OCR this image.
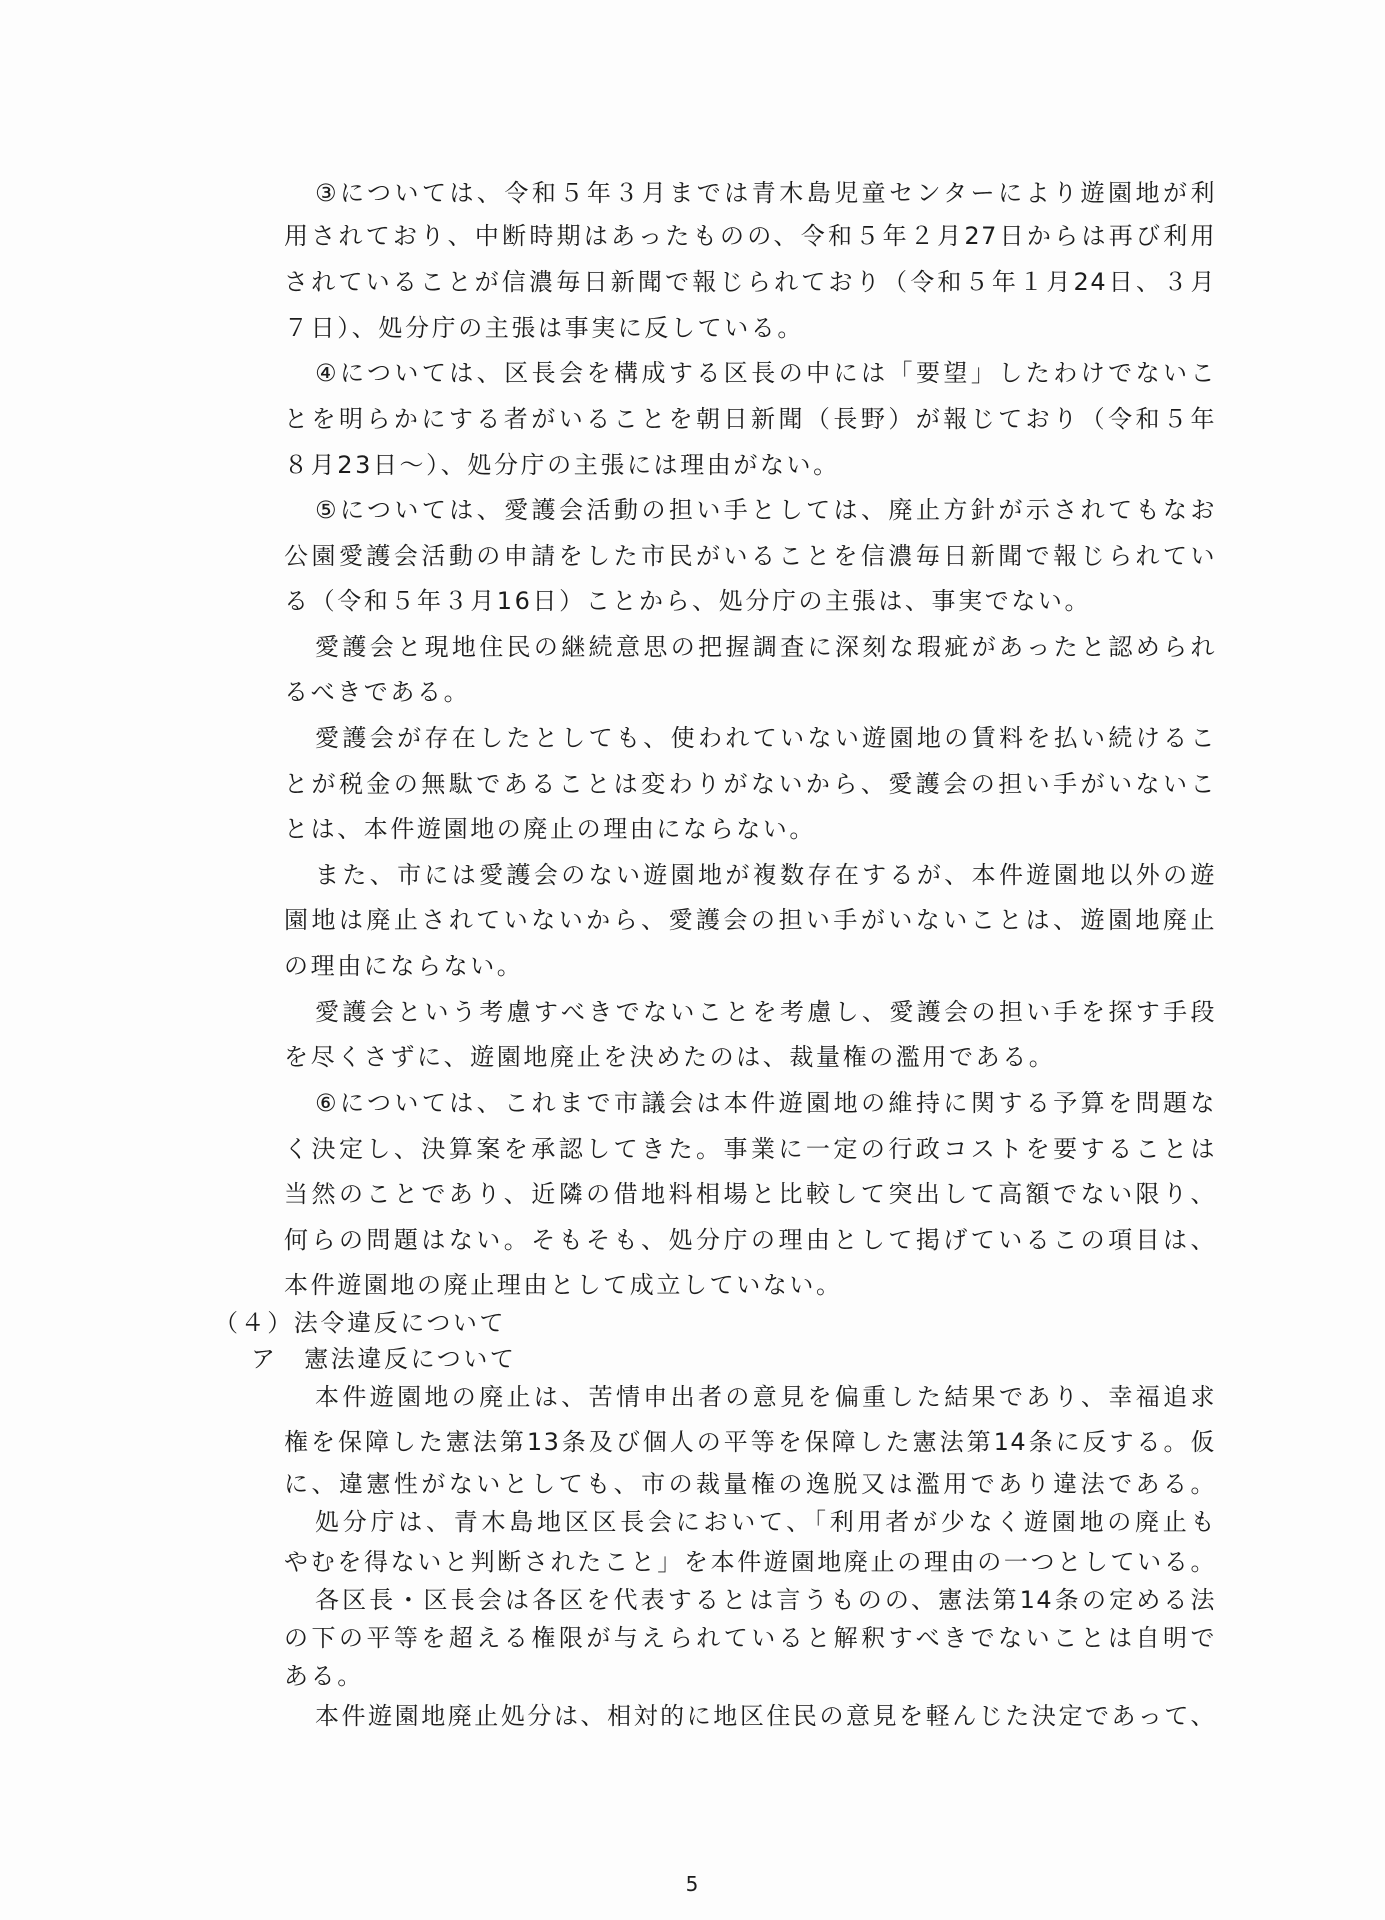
③については、令和５年３月までは青木島児童センターにより遊園地が利
用されており、中断時期はあったものの、令和５年２月27日からは再び利用
されていることが信濃毎日新聞で報じられており（令和５年１月24日、３月
７日）、処分庁の主張は事実に反している。
④については、区長会を構成する区長の中には「要望」したわけでないこ
とを明らかにする者がいることを朝日新聞（長野）が報じており（令和５年
８月23日～）、処分庁の主張には理由がない。
⑤については、愛護会活動の担い手としては、廃止方針が示されてもなお
公園愛護会活動の申請をした市民がいることを信濃毎日新聞で報じられてい
る（令和５年３月16日）ことから、処分庁の主張は、事実でない。
愛護会と現地住民の継続意思の把握調査に深刻な瑕疵があったと認められ
るべきである。
愛護会が存在したとしても、使われていない遊園地の賃料を払い続けるこ
とが税金の無駄であることは変わりがないから、愛護会の担い手がいないこ
とは、本件遊園地の廃止の理由にならない。
また、市には愛護会のない遊園地が複数存在するが、本件遊園地以外の遊
園地は廃止されていないから、愛護会の担い手がいないことは、遊園地廃止
の理由にならない。
愛護会という考慮すべきでないことを考慮し、愛護会の担い手を探す手段
を尽くさずに、遊園地廃止を決めたのは、裁量権の濫用である。
⑥については、これまで市議会は本件遊園地の維持に関する予算を問題な
く決定し、決算案を承認してきた。事業に一定の行政コストを要することは
当然のことであり、近隣の借地料相場と比較して突出して高額でない限り、
何らの問題はない。そもそも、処分庁の理由として掲げているこの項目は、
本件遊園地の廃止理由として成立していない。
（４）法令違反について
ア　憲法違反について
本件遊園地の廃止は、苦情申出者の意見を偏重した結果であり、幸福追求
権を保障した憲法第13条及び個人の平等を保障した憲法第14条に反する。仮
に、違憲性がないとしても、市の裁量権の逸脱又は濫用であり違法である。
処分庁は、青木島地区区長会において、「利用者が少なく遊園地の廃止も
やむを得ないと判断されたこと」を本件遊園地廃止の理由の一つとしている。
各区長・区長会は各区を代表するとは言うものの、憲法第14条の定める法
の下の平等を超える権限が与えられていると解釈すべきでないことは自明で
ある。
本件遊園地廃止処分は、相対的に地区住民の意見を軽んじた決定であって、
5
